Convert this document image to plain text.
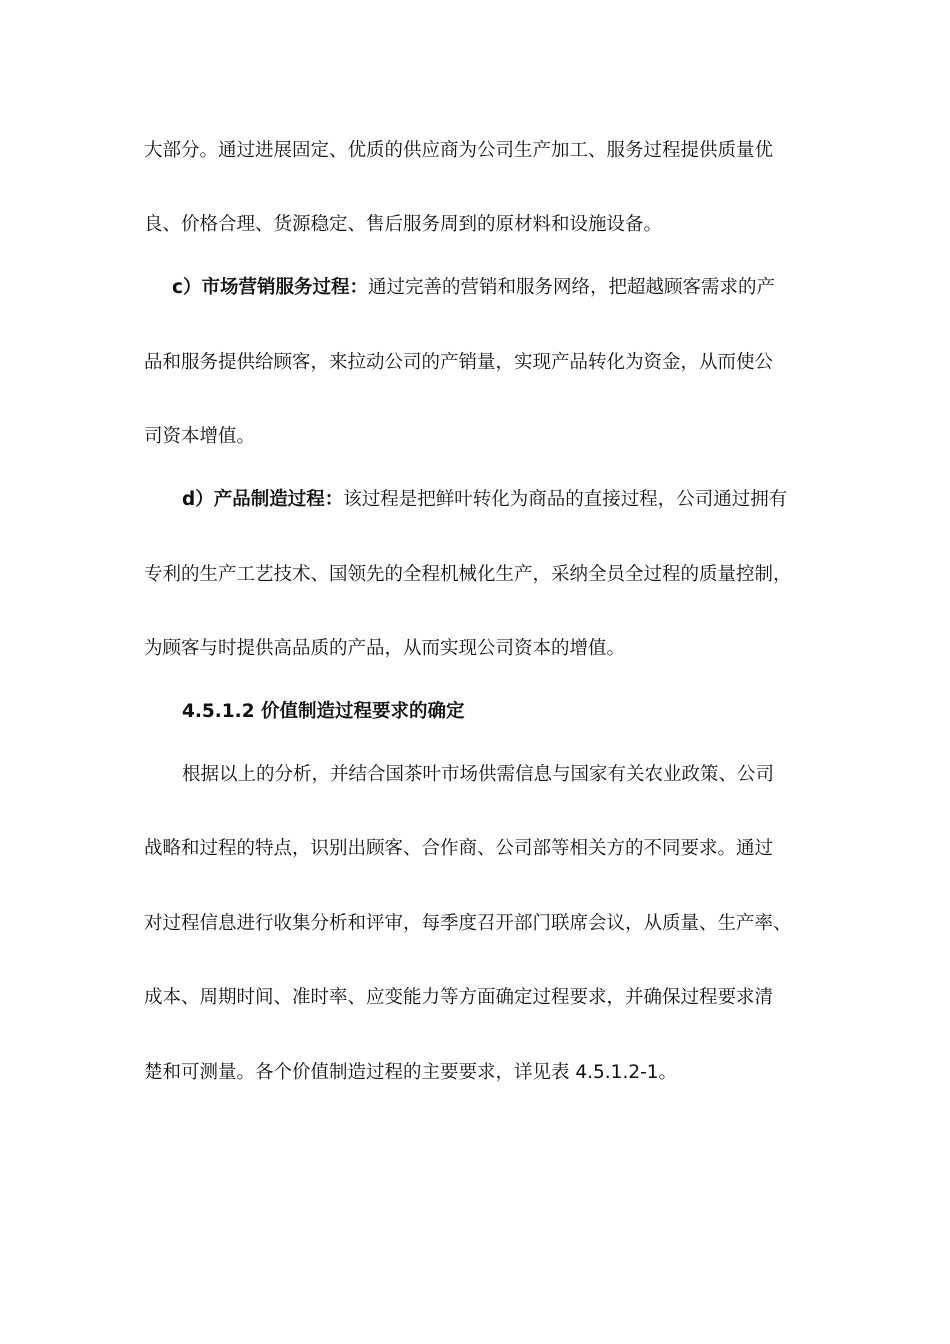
大部分。通过进展固定、优质的供应商为公司生产加工、服务过程提供质量优
良、价格合理、货源稳定、售后服务周到的原材料和设施设备。
c）市场营销服务过程：通过完善的营销和服务网络，把超越顾客需求的产
品和服务提供给顾客，来拉动公司的产销量，实现产品转化为资金，从而使公
司资本增值。
d）产品制造过程：该过程是把鲜叶转化为商品的直接过程，公司通过拥有
专利的生产工艺技术、国领先的全程机械化生产，采纳全员全过程的质量控制，
为顾客与时提供高品质的产品，从而实现公司资本的增值。
4.5.1.2 价值制造过程要求的确定
根据以上的分析，并结合国茶叶市场供需信息与国家有关农业政策、公司
战略和过程的特点，识别出顾客、合作商、公司部等相关方的不同要求。通过
对过程信息进行收集分析和评审，每季度召开部门联席会议，从质量、生产率、
成本、周期时间、准时率、应变能力等方面确定过程要求，并确保过程要求清
楚和可测量。各个价值制造过程的主要要求，详见表 4.5.1.2-1。
